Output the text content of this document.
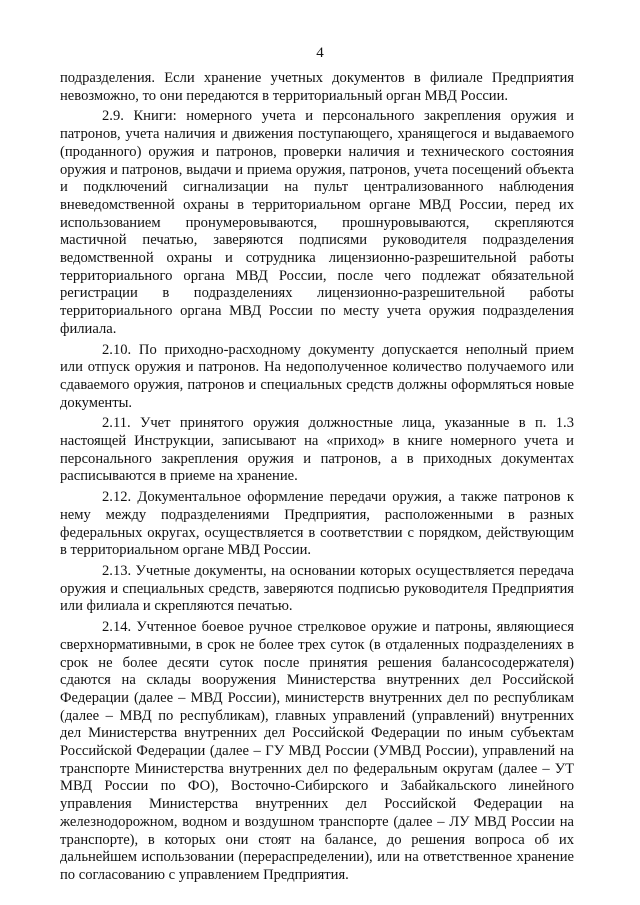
4

подразделения. Если хранение учетных документов в филиале Предприятия невозможно, то они передаются в территориальный орган МВД России.

2.9. Книги: номерного учета и персонального закрепления оружия и патронов, учета наличия и движения поступающего, хранящегося и выдаваемого (проданного) оружия и патронов, проверки наличия и технического состояния оружия и патронов, выдачи и приема оружия, патронов, учета посещений объекта и подключений сигнализации на пульт централизованного наблюдения вневедомственной охраны в территориальном органе МВД России, перед их использованием пронумеровываются, прошнуровываются, скрепляются мастичной печатью, заверяются подписями руководителя подразделения ведомственной охраны и сотрудника лицензионно-разрешительной работы территориального органа МВД России, после чего подлежат обязательной регистрации в подразделениях лицензионно-разрешительной работы территориального органа МВД России по месту учета оружия подразделения филиала.

2.10. По приходно-расходному документу допускается неполный прием или отпуск оружия и патронов. На недополученное количество получаемого или сдаваемого оружия, патронов и специальных средств должны оформляться новые документы.

2.11. Учет принятого оружия должностные лица, указанные в п. 1.3 настоящей Инструкции, записывают на «приход» в книге номерного учета и персонального закрепления оружия и патронов, а в приходных документах расписываются в приеме на хранение.

2.12. Документальное оформление передачи оружия, а также патронов к нему между подразделениями Предприятия, расположенными в разных федеральных округах, осуществляется в соответствии с порядком, действующим в территориальном органе МВД России.

2.13. Учетные документы, на основании которых осуществляется передача оружия и специальных средств, заверяются подписью руководителя Предприятия или филиала и скрепляются печатью.

2.14. Учтенное боевое ручное стрелковое оружие и патроны, являющиеся сверхнормативными, в срок не более трех суток (в отдаленных подразделениях в срок не более десяти суток после принятия решения балансосодержателя) сдаются на склады вооружения Министерства внутренних дел Российской Федерации (далее – МВД России), министерств внутренних дел по республикам (далее – МВД по республикам), главных управлений (управлений) внутренних дел Министерства внутренних дел Российской Федерации по иным субъектам Российской Федерации (далее – ГУ МВД России (УМВД России), управлений на транспорте Министерства внутренних дел по федеральным округам (далее – УТ МВД России по ФО), Восточно-Сибирского и Забайкальского линейного управления Министерства внутренних дел Российской Федерации на железнодорожном, водном и воздушном транспорте (далее – ЛУ МВД России на транспорте), в которых они стоят на балансе, до решения вопроса об их дальнейшем использовании (перераспределении), или на ответственное хранение по согласованию с управлением Предприятия.
